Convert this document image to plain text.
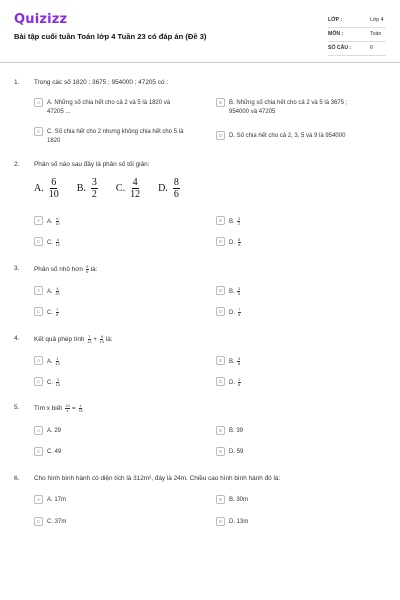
Quizizz
Bài tập cuối tuần Toán lớp 4 Tuần 23 có đáp án (Đề 3)
LỚP :	Lớp 4
MÔN :	Toán
SỐ CÂU :	6
1. Trong các số 1820 ; 3675 ; 954000 ; 47205 có :
A	A. Những số chia hết cho cả 2 và 5 là 1820 và
47205 ...
B	B. Những số chia hết cho cả 2 và 5 là 3675 ;
954000 và 47205
C	C. Số chia hết cho 2 nhưng không chia hết cho 5 là
1820
D	D. Số chia hết cho cả 2, 3, 5 và 9 là 954000
2. Phân số nào sau đây là phân số tối giản:
A. $\frac{6}{10} B$. $\frac{3}{2} C$. $\frac{4}{12} D$. $\frac{8}{6}$
A	A. $\frac{6}{10}$	B	B. $\frac{3}{2}$
C	C. $\frac{4}{12}$	D	D. $\frac{8}{6}$
3. Phân số nhỏ hơn $\frac{5}{6}$ là:
A	A. $\frac{4}{20}$	B	B. $\frac{3}{5}$
C	C. $\frac{7}{8}$	D	D. $\frac{7}{6}$
4. Kết quả phép tính $\frac{7}{13} + \frac{6}{13}$ là:
A	A. $\frac{1}{13}$	B	B. $\frac{3}{8}$
C	C. $\frac{3}{13}$	D	D. $\frac{1}{8}$
5. Tìm x biết $\frac{13}{x} = \frac{1}{78}$
A	A. 29	B	B. 39
C	C. 49	D	D. 59
6. Cho hình bình hành có diện tích là 312m², đáy là 24m. Chiều cao hình bình hành đó là:
A	A. 17m	B	B. 30m
C	C. 37m	D	D. 13m
